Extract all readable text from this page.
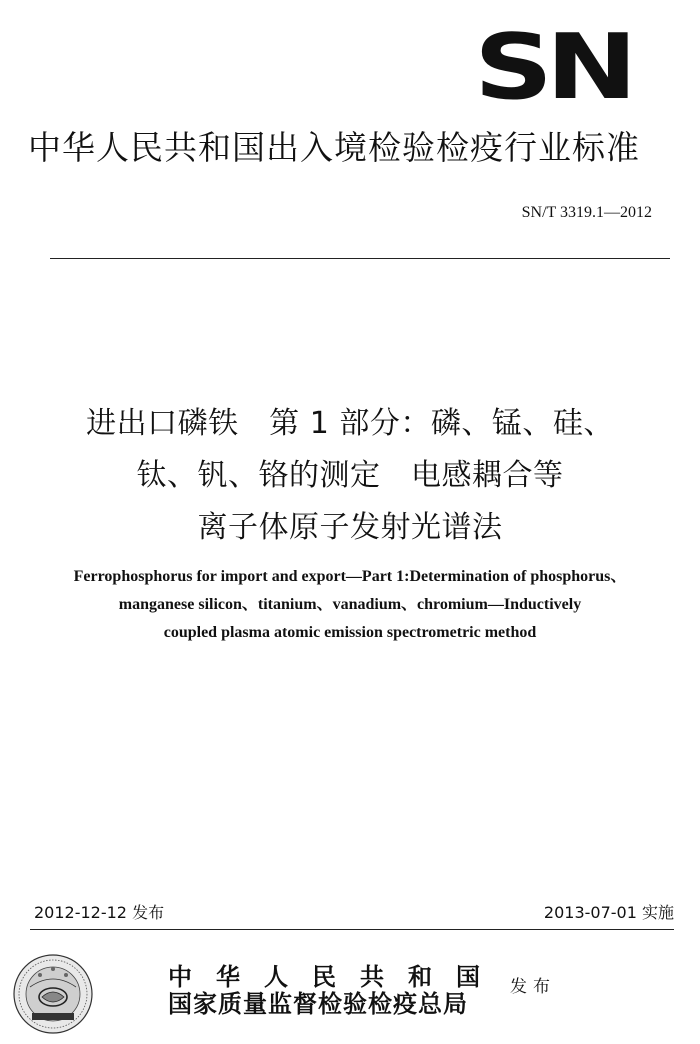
SN
中华人民共和国出入境检验检疫行业标准
SN/T 3319.1—2012
进出口磷铁　第 1 部分：磷、锰、硅、
钛、钒、铬的测定　电感耦合等
离子体原子发射光谱法
Ferrophosphorus for import and export—Part 1:Determination of phosphorus、
manganese silicon、titanium、vanadium、chromium—Inductively
coupled plasma atomic emission spectrometric method
2012-12-12 发布	2013-07-01 实施
中华人民共和国
国家质量监督检验检疫总局
发布
